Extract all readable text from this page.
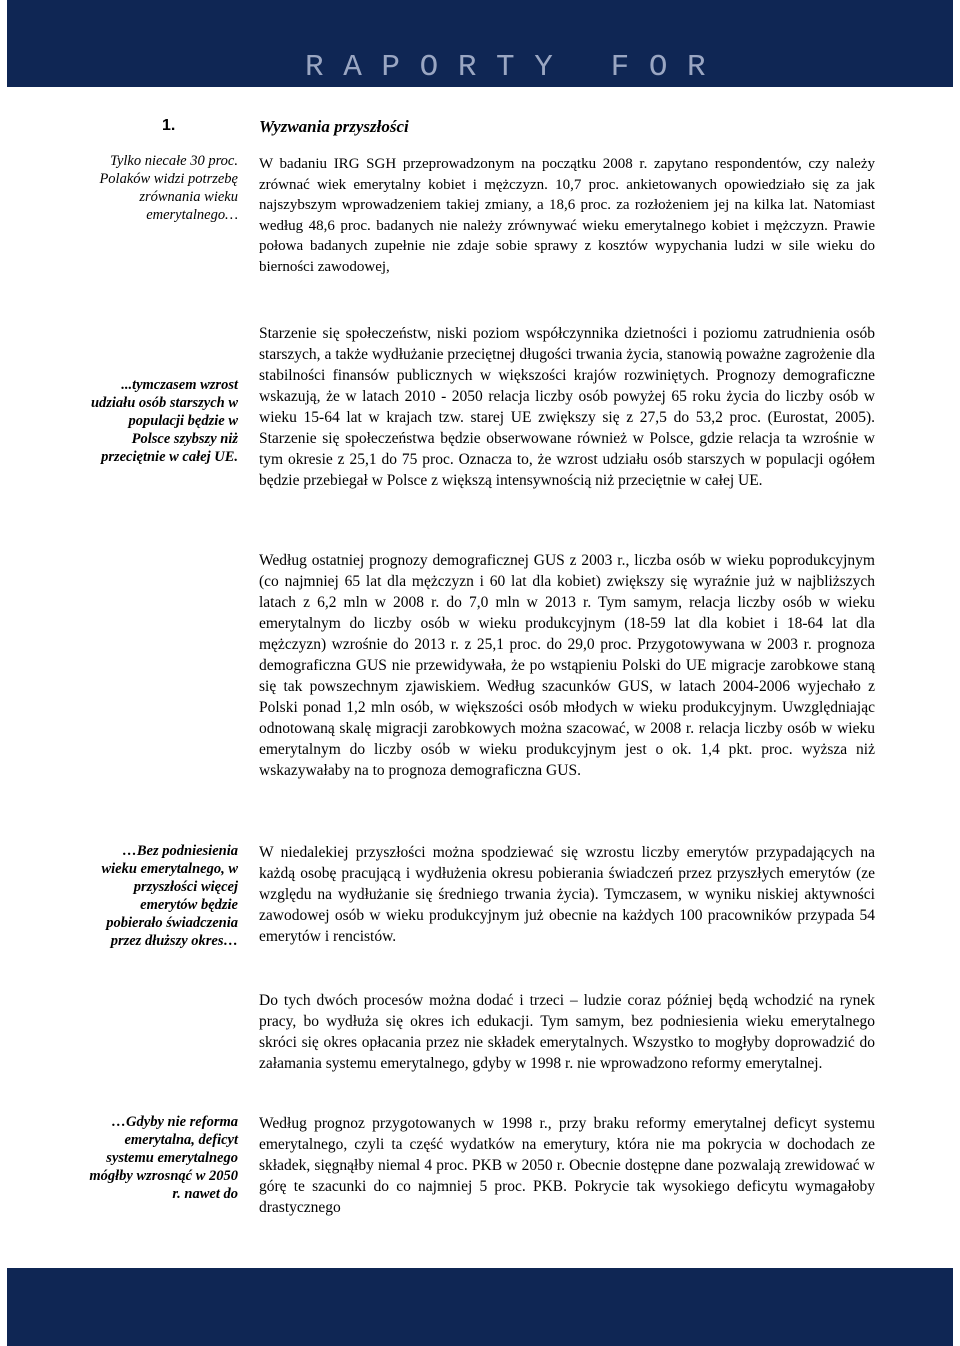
R A P O R T Y   F O R
1.	Wyzwania przyszłości
Tylko niecałe 30 proc. Polaków widzi potrzebę zrównania wieku emerytalnego…
...tymczasem wzrost udziału osób starszych w populacji będzie w Polsce szybszy niż przeciętnie w całej UE.
…Bez podniesienia wieku emerytalnego, w przyszłości więcej emerytów będzie pobierało świadczenia przez dłuższy okres…
…Gdyby nie reforma emerytalna, deficyt systemu emerytalnego mógłby wzrosnąć w 2050 r. nawet do
W badaniu IRG SGH przeprowadzonym na początku 2008 r. zapytano respondentów, czy należy zrównać wiek emerytalny kobiet i mężczyzn. 10,7 proc. ankietowanych opowiedziało się za jak najszybszym wprowadzeniem takiej zmiany, a 18,6 proc. za rozłożeniem jej na kilka lat. Natomiast według 48,6 proc. badanych nie należy zrównywać wieku emerytalnego kobiet i mężczyzn. Prawie połowa badanych zupełnie nie zdaje sobie sprawy z kosztów wypychania ludzi w sile wieku do bierności zawodowej,
Starzenie się społeczeństw, niski poziom współczynnika dzietności i poziomu zatrudnienia osób starszych, a także wydłużanie przeciętnej długości trwania życia, stanowią poważne zagrożenie dla stabilności finansów publicznych w większości krajów rozwiniętych. Prognozy demograficzne wskazują, że w latach 2010 - 2050 relacja liczby osób powyżej 65 roku życia do liczby osób w wieku 15-64 lat w krajach tzw. starej UE zwiększy się z 27,5 do 53,2 proc. (Eurostat, 2005). Starzenie się społeczeństwa będzie obserwowane również w Polsce, gdzie relacja ta wzrośnie w tym okresie z 25,1 do 75 proc. Oznacza to, że wzrost udziału osób starszych w populacji ogółem będzie przebiegał w Polsce z większą intensywnością niż przeciętnie w całej UE.
Według ostatniej prognozy demograficznej GUS z 2003 r., liczba osób w wieku poprodukcyjnym (co najmniej 65 lat dla mężczyzn i 60 lat dla kobiet) zwiększy się wyraźnie już w najbliższych latach z 6,2 mln w 2008 r. do 7,0 mln w 2013 r. Tym samym, relacja liczby osób w wieku emerytalnym do liczby osób w wieku produkcyjnym (18-59 lat dla kobiet i 18-64 lat dla mężczyzn) wzrośnie do 2013 r. z 25,1 proc. do 29,0 proc. Przygotowywana w 2003 r. prognoza demograficzna GUS nie przewidywała, że po wstąpieniu Polski do UE migracje zarobkowe staną się tak powszechnym zjawiskiem. Według szacunków GUS, w latach 2004-2006 wyjechało z Polski ponad 1,2 mln osób, w większości osób młodych w wieku produkcyjnym. Uwzględniając odnotowaną skalę migracji zarobkowych można szacować, w 2008 r. relacja liczby osób w wieku emerytalnym do liczby osób w wieku produkcyjnym jest o ok. 1,4 pkt. proc. wyższa niż wskazywałaby na to prognoza demograficzna GUS.
W niedalekiej przyszłości można spodziewać się wzrostu liczby emerytów przypadających na każdą osobę pracującą i wydłużenia okresu pobierania świadczeń przez przyszłych emerytów (ze względu na wydłużanie się średniego trwania życia). Tymczasem, w wyniku niskiej aktywności zawodowej osób w wieku produkcyjnym już obecnie na każdych 100 pracowników przypada 54 emerytów i rencistów.
Do tych dwóch procesów można dodać i trzeci – ludzie coraz później będą wchodzić na rynek pracy, bo wydłuża się okres ich edukacji. Tym samym, bez podniesienia wieku emerytalnego skróci się okres opłacania przez nie składek emerytalnych. Wszystko to mogłyby doprowadzić do załamania systemu emerytalnego, gdyby w 1998 r. nie wprowadzono reformy emerytalnej.
Według prognoz przygotowanych w 1998 r., przy braku reformy emerytalnej deficyt systemu emerytalnego, czyli ta część wydatków na emerytury, która nie ma pokrycia w dochodach ze składek, sięgnąłby niemal 4 proc. PKB w 2050 r. Obecnie dostępne dane pozwalają zrewidować w górę te szacunki do co najmniej 5 proc. PKB. Pokrycie tak wysokiego deficytu wymagałoby drastycznego
